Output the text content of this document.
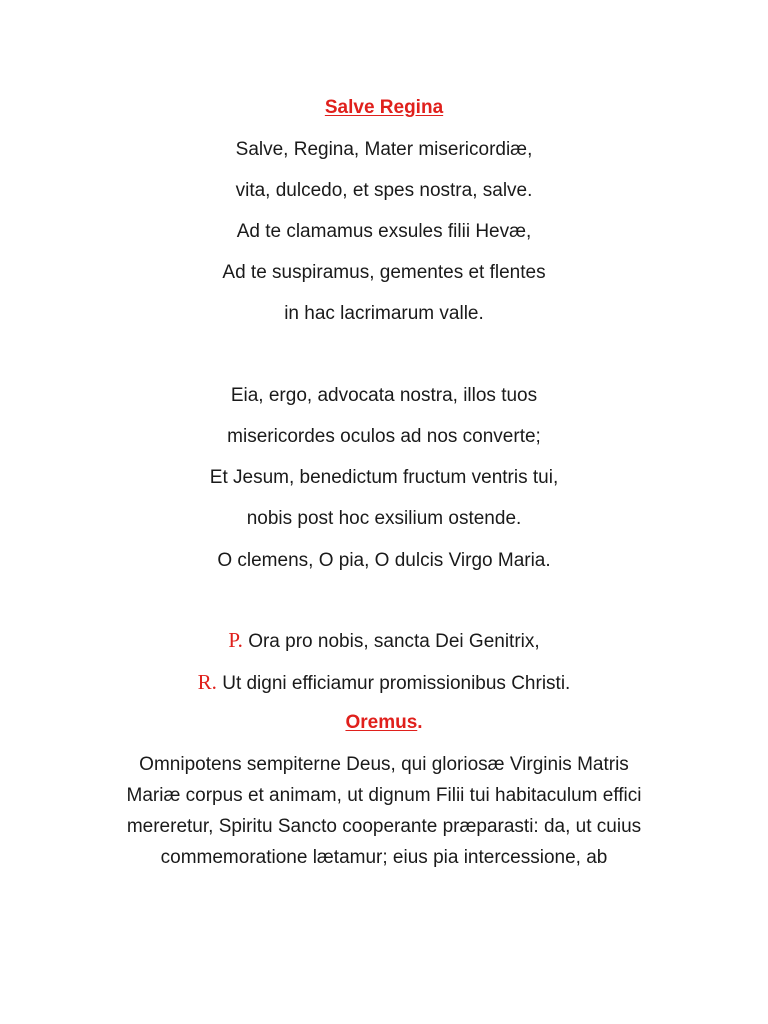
Salve Regina
Salve, Regina, Mater misericordiæ,
vita, dulcedo, et spes nostra, salve.
Ad te clamamus exsules filii Hevæ,
Ad te suspiramus, gementes et flentes
in hac lacrimarum valle.
Eia, ergo, advocata nostra, illos tuos
misericordes oculos ad nos converte;
Et Jesum, benedictum fructum ventris tui,
nobis post hoc exsilium ostende.
O clemens, O pia, O dulcis Virgo Maria.
P. Ora pro nobis, sancta Dei Genitrix,
R. Ut digni efficiamur promissionibus Christi.
Oremus.
Omnipotens sempiterne Deus, qui gloriosæ Virginis Matris
Mariæ corpus et animam, ut dignum Filii tui habitaculum effici
mereretur, Spiritu Sancto cooperante præparasti: da, ut cuius
commemoratione lætamur; eius pia intercessione, ab
